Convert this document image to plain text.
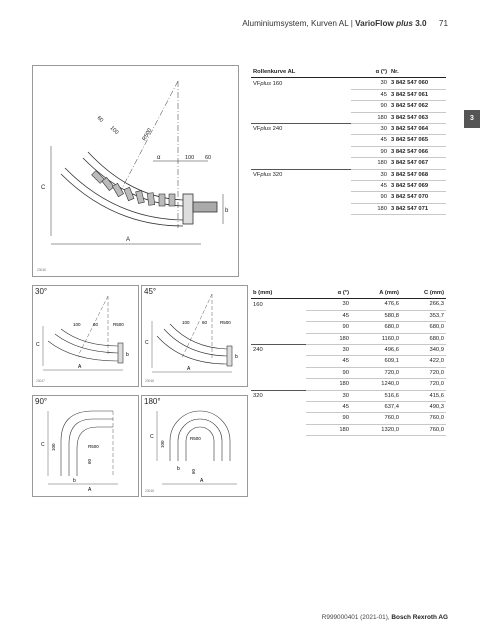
Aluminiumsystem, Kurven AL | VarioFlow plus 3.0 71
3
C
A
b
α	100 60
60
100	R500
23046
30°
C
A
b
100	60	R500
23047
45°
C
A
b
100	60	R500
23048
90°
C
A
b
100
60
R500
180°
C
A
b
100
60
R500
23048
Rollenkurve AL	α (°)	Nr.
VFplus 160	30	3 842 547 060
	45	3 842 547 061
	90	3 842 547 062
	180	3 842 547 063
VFplus 240	30	3 842 547 064
	45	3 842 547 065
	90	3 842 547 066
	180	3 842 547 067
VFplus 320	30	3 842 547 068
	45	3 842 547 069
	90	3 842 547 070
	180	3 842 547 071
b (mm)	α (°)	A (mm)	C (mm)
160	30	476,6	266,3
	45	580,8	353,7
	90	680,0	680,0
	180	1160,0	680,0
240	30	496,6	340,9
	45	609,1	422,0
	90	720,0	720,0
	180	1240,0	720,0
320	30	516,6	415,6
	45	637,4	490,3
	90	760,0	760,0
	180	1320,0	760,0
R999000401 (2021-01), Bosch Rexroth AG
